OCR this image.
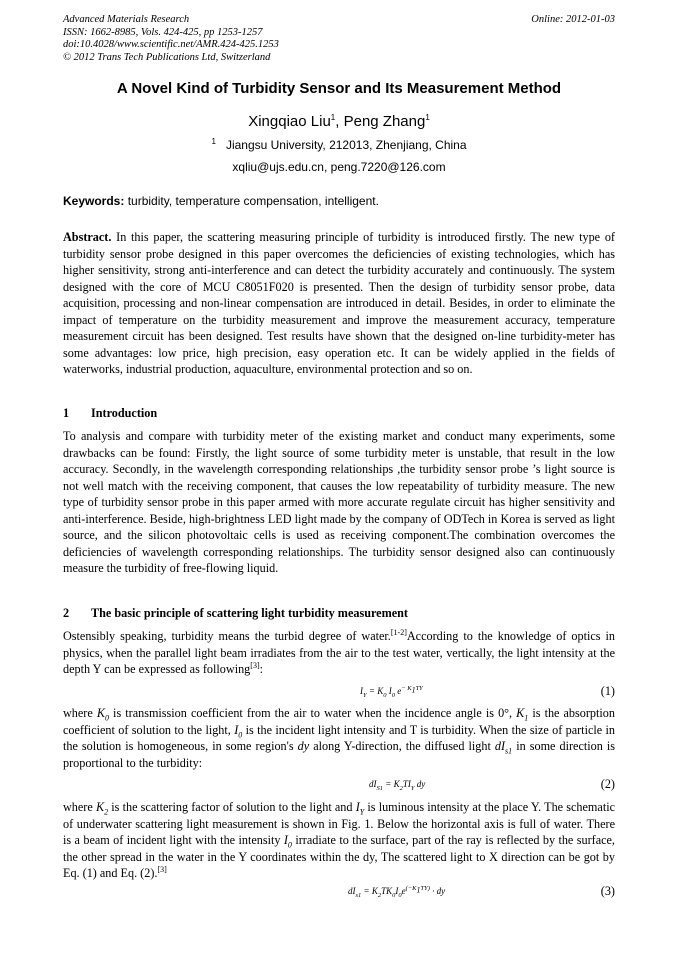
Advanced Materials Research
ISSN: 1662-8985, Vols. 424-425, pp 1253-1257
doi:10.4028/www.scientific.net/AMR.424-425.1253
© 2012 Trans Tech Publications Ltd, Switzerland
Online: 2012-01-03
A Novel Kind of Turbidity Sensor and Its Measurement Method
Xingqiao Liu$^1$, Peng Zhang$^1$
$^1$ Jiangsu University, 212013, Zhenjiang, China
xqliu@ujs.edu.cn, peng.7220@126.com
Keywords: turbidity, temperature compensation, intelligent.
Abstract. In this paper, the scattering measuring principle of turbidity is introduced firstly. The new type of turbidity sensor probe designed in this paper overcomes the deficiencies of existing technologies, which has higher sensitivity, strong anti-interference and can detect the turbidity accurately and continuously. The system designed with the core of MCU C8051F020 is presented. Then the design of turbidity sensor probe, data acquisition, processing and non-linear compensation are introduced in detail. Besides, in order to eliminate the impact of temperature on the turbidity measurement and improve the measurement accuracy, temperature measurement circuit has been designed. Test results have shown that the designed on-line turbidity-meter has some advantages: low price, high precision, easy operation etc. It can be widely applied in the fields of waterworks, industrial production, aquaculture, environmental protection and so on.
1 Introduction
To analysis and compare with turbidity meter of the existing market and conduct many experiments, some drawbacks can be found: Firstly, the light source of some turbidity meter is unstable, that result in the low accuracy. Secondly, in the wavelength corresponding relationships ,the turbidity sensor probe ’s light source is not well match with the receiving component, that causes the low repeatability of turbidity measure. The new type of turbidity sensor probe in this paper armed with more accurate regulate circuit has higher sensitivity and anti-interference. Beside, high-brightness LED light made by the company of ODTech in Korea is served as light source, and the silicon photovoltaic cells is used as receiving component.The combination overcomes the deficiencies of wavelength corresponding relationships. The turbidity sensor designed also can continuously measure the turbidity of free-flowing liquid.
2 The basic principle of scattering light turbidity measurement
Ostensibly speaking, turbidity means the turbid degree of water.[1-2]According to the knowledge of optics in physics, when the parallel light beam irradiates from the air to the test water, vertically, the light intensity at the depth Y can be expressed as following[3]:
$I_Y = K_0$ $I_0$ $e^{- K_1TY}$	(1)
where $K_0$ is transmission coefficient from the air to water when the incidence angle is 0°, $K_1$ is the absorption coefficient of solution to the light, $I_0$ is the incident light intensity and T is turbidity. When the size of particle in the solution is homogeneous, in some region's dy along Y-direction, the diffused light $dI_{s1}$ in some direction is proportional to the turbidity:
$dI_{S1} = K_2TI_Y$ dy	(2)
where $K_2$ is the scattering factor of solution to the light and $I_Y$ is luminous intensity at the place Y. The schematic of underwater scattering light measurement is shown in Fig. 1. Below the horizontal axis is full of water. There is a beam of incident light with the intensity $I_0$ irradiate to the surface, part of the ray is reflected by the surface, the other spread in the water in the Y coordinates within the dy, The scattered light to X direction can be got by Eq. (1) and Eq. (2).[3]
$dI_{s1} = K_2TK_0I_0e^{(-K_1TY)}$ · dy	(3)
